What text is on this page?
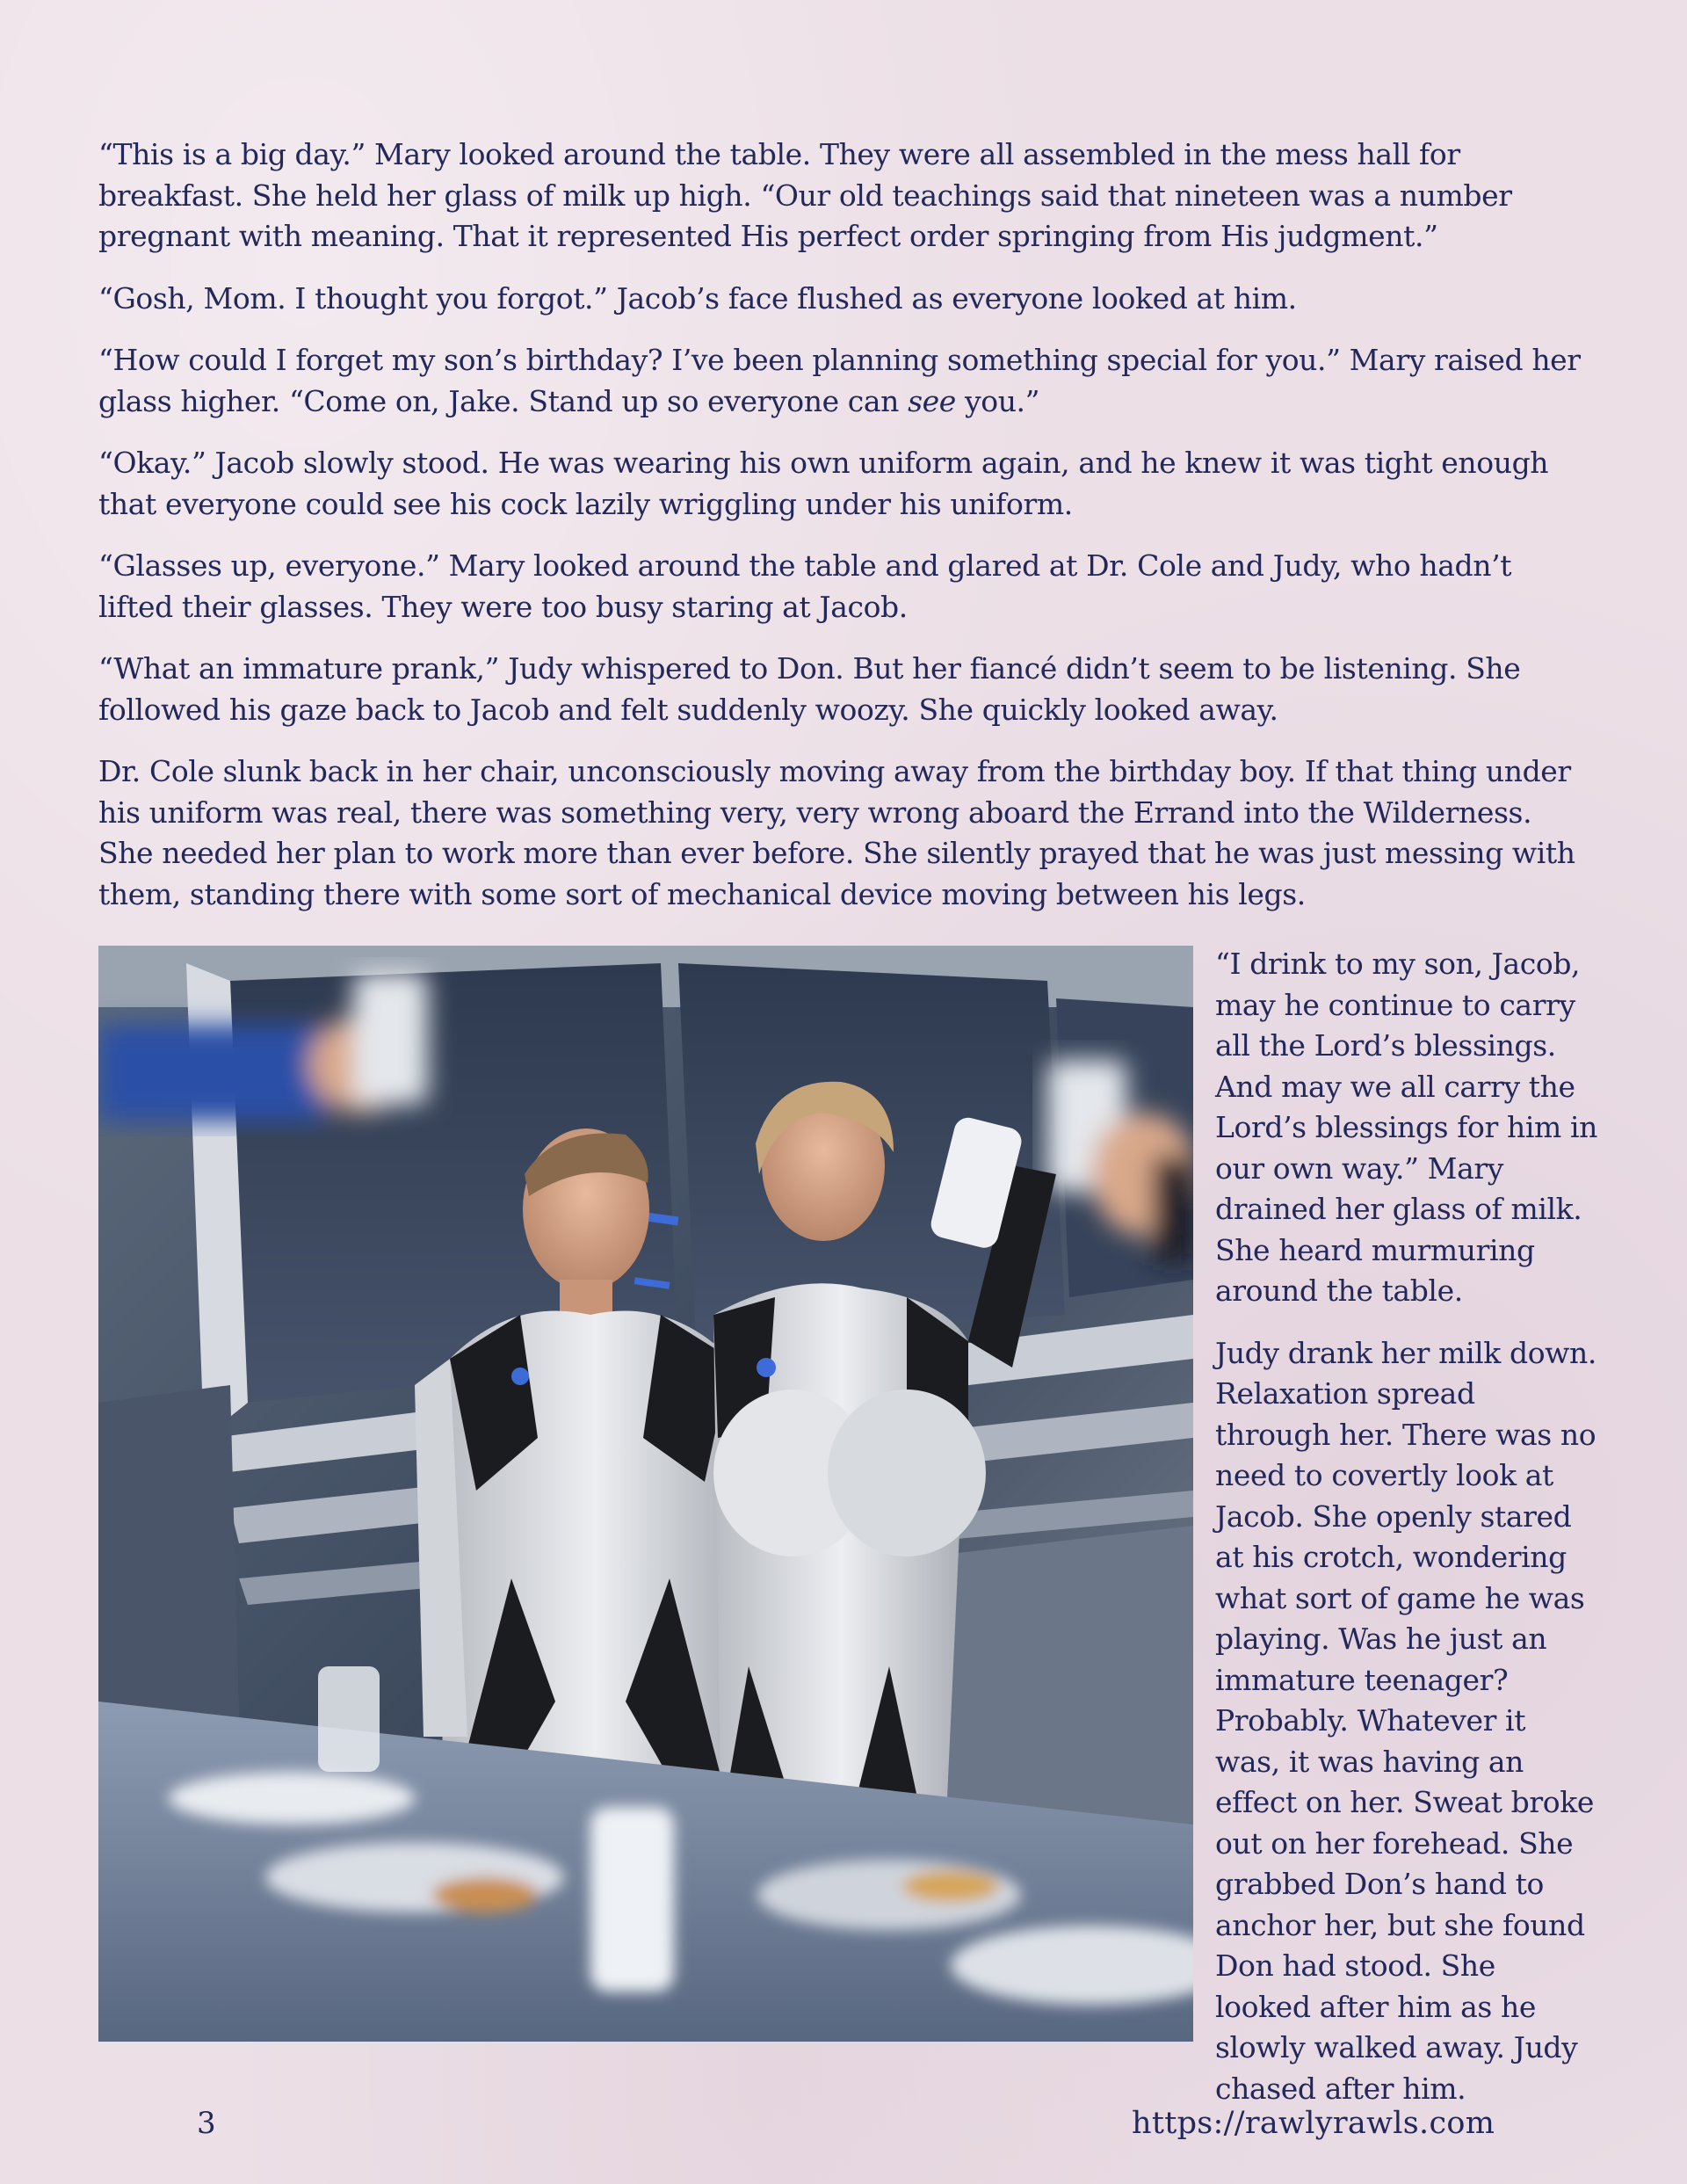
“This is a big day.” Mary looked around the table. They were all assembled in the mess hall for breakfast. She held her glass of milk up high. “Our old teachings said that nineteen was a number pregnant with meaning. That it represented His perfect order springing from His judgment.”

“Gosh, Mom. I thought you forgot.” Jacob’s face flushed as everyone looked at him.

“How could I forget my son’s birthday? I’ve been planning something special for you.” Mary raised her glass higher. “Come on, Jake. Stand up so everyone can see you.”

“Okay.” Jacob slowly stood. He was wearing his own uniform again, and he knew it was tight enough that everyone could see his cock lazily wriggling under his uniform.

“Glasses up, everyone.” Mary looked around the table and glared at Dr. Cole and Judy, who hadn’t lifted their glasses. They were too busy staring at Jacob.

“What an immature prank,” Judy whispered to Don. But her fiancé didn’t seem to be listening. She followed his gaze back to Jacob and felt suddenly woozy. She quickly looked away.

Dr. Cole slunk back in her chair, unconsciously moving away from the birthday boy. If that thing under his uniform was real, there was something very, very wrong aboard the Errand into the Wilderness. She needed her plan to work more than ever before. She silently prayed that he was just messing with them, standing there with some sort of mechanical device moving between his legs.

“I drink to my son, Jacob, may he continue to carry all the Lord’s blessings. And may we all carry the Lord’s blessings for him in our own way.” Mary drained her glass of milk. She heard murmuring around the table.

Judy drank her milk down. Relaxation spread through her. There was no need to covertly look at Jacob. She openly stared at his crotch, wondering what sort of game he was playing. Was he just an immature teenager? Probably. Whatever it was, it was having an effect on her. Sweat broke out on her forehead. She grabbed Don’s hand to anchor her, but she found Don had stood. She looked after him as he slowly walked away. Judy chased after him.

3	https://rawlyrawls.com
